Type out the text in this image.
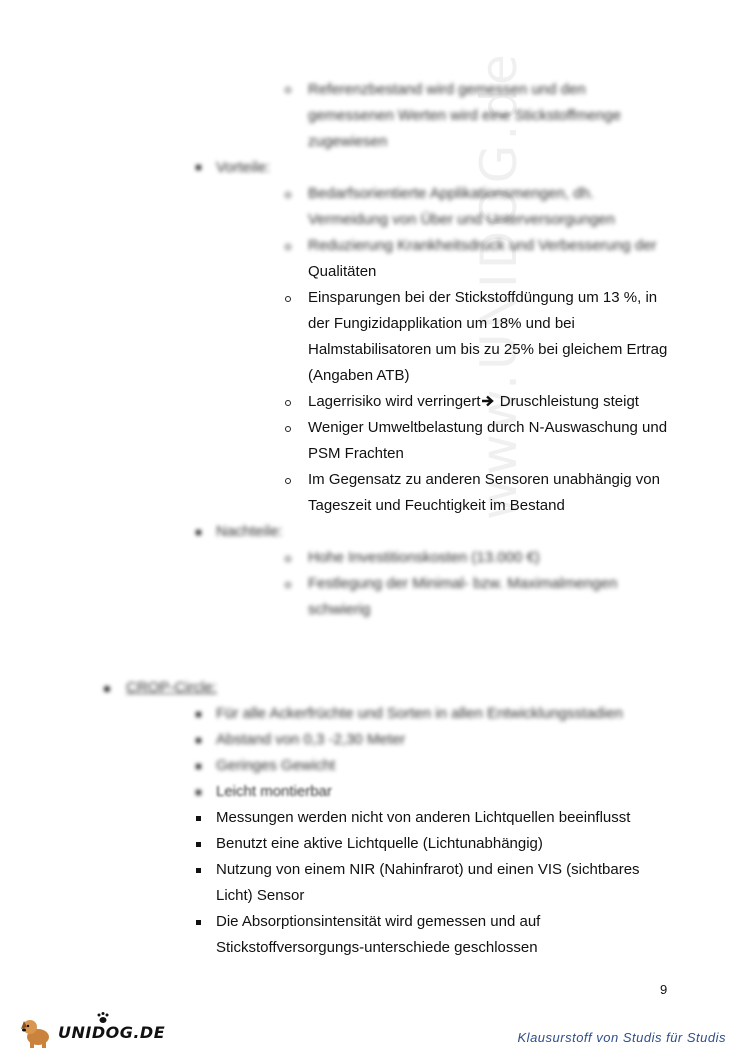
www.UNIDOG.de
Referenzbestand wird gemessen und den
gemessenen Werten wird eine Stickstoffmenge
zugewiesen
Vorteile:
Bedarfsorientierte Applikationsmengen, dh.
Vermeidung von Über und Unterversorgungen
Reduzierung Krankheitsdruck und Verbesserung der
Qualitäten
Einsparungen bei der Stickstoffdüngung um 13 %, in
der Fungizidapplikation um 18% und bei
Halmstabilisatoren um bis zu 25% bei gleichem Ertrag
(Angaben ATB)
Lagerrisiko wird verringert Druschleistung steigt
Weniger Umweltbelastung durch N-Auswaschung und
PSM Frachten
Im Gegensatz zu anderen Sensoren unabhängig von
Tageszeit und Feuchtigkeit im Bestand
Nachteile:
Hohe Investitionskosten (13.000 €)
Festlegung der Minimal- bzw. Maximalmengen
schwierig
CROP-Circle:
Für alle Ackerfrüchte und Sorten in allen Entwicklungsstadien
Abstand von 0,3 -2,30 Meter
Geringes Gewicht
Leicht montierbar
Messungen werden nicht von anderen Lichtquellen beeinflusst
Benutzt eine aktive Lichtquelle (Lichtunabhängig)
Nutzung von einem NIR (Nahinfrarot) und einen VIS (sichtbares
Licht) Sensor
Die Absorptionsintensität wird gemessen und auf
Stickstoffversorgungs-unterschiede geschlossen
9
UNIDOG.DE	Klausurstoff von Studis für Studis
